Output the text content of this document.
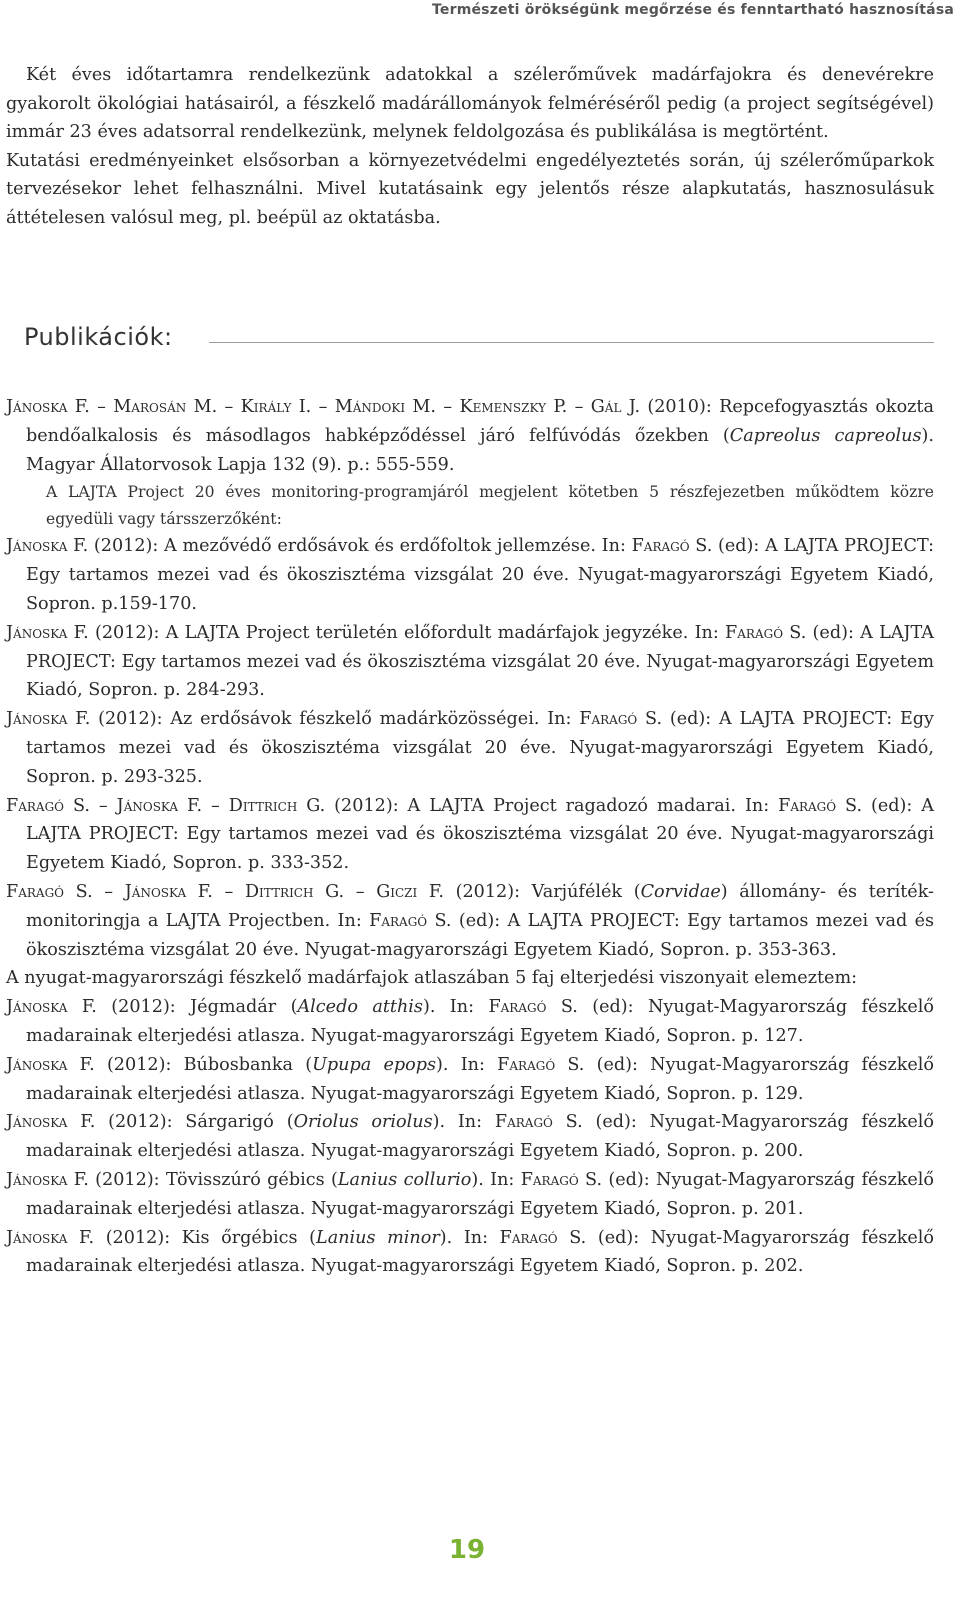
Természeti örökségünk megőrzése és fenntartható hasznosítása

Két éves időtartamra rendelkezünk adatokkal a szélerőművek madárfajokra és denevérekre gyakorolt ökológiai hatásairól, a fészkelő madárállományok felméréséről pedig (a project segítségével) immár 23 éves adatsorral rendelkezünk, melynek feldolgozása és publikálása is megtörtént.

Kutatási eredményeinket elsősorban a környezetvédelmi engedélyeztetés során, új szélerőműparkok tervezésekor lehet felhasználni. Mivel kutatásaink egy jelentős része alapkutatás, hasznosulásuk áttételesen valósul meg, pl. beépül az oktatásba.

Publikációk:

Jánoska F. – Marosán M. – Király I. – Mándoki M. – Kemenszky P. – Gál J. (2010): Repcefogyasztás okozta bendőalkalosis és másodlagos habképződéssel járó felfúvódás őzekben (Capreolus capreolus). Magyar Állatorvosok Lapja 132 (9). p.: 555-559.

A LAJTA Project 20 éves monitoring-programjáról megjelent kötetben 5 részfejezetben működtem közre egyedüli vagy társszerzőként:

Jánoska F. (2012): A mezővédő erdősávok és erdőfoltok jellemzése. In: Faragó S. (ed): A LAJTA PROJECT: Egy tartamos mezei vad és ökoszisztéma vizsgálat 20 éve. Nyugat-magyarországi Egyetem Kiadó, Sopron. p.159-170.

Jánoska F. (2012): A LAJTA Project területén előfordult madárfajok jegyzéke. In: Faragó S. (ed): A LAJTA PROJECT: Egy tartamos mezei vad és ökoszisztéma vizsgálat 20 éve. Nyugat-magyarországi Egyetem Kiadó, Sopron. p. 284-293.

Jánoska F. (2012): Az erdősávok fészkelő madárközösségei. In: Faragó S. (ed): A LAJTA PROJECT: Egy tartamos mezei vad és ökoszisztéma vizsgálat 20 éve. Nyugat-magyarországi Egyetem Kiadó, Sopron. p. 293-325.

Faragó S. – Jánoska F. – Dittrich G. (2012): A LAJTA Project ragadozó madarai. In: Faragó S. (ed): A LAJTA PROJECT: Egy tartamos mezei vad és ökoszisztéma vizsgálat 20 éve. Nyugat-magyarországi Egyetem Kiadó, Sopron. p. 333-352.

Faragó S. – Jánoska F. – Dittrich G. – Giczi F. (2012): Varjúfélék (Corvidae) állomány- és teríték-monitoringja a LAJTA Projectben. In: Faragó S. (ed): A LAJTA PROJECT: Egy tartamos mezei vad és ökoszisztéma vizsgálat 20 éve. Nyugat-magyarországi Egyetem Kiadó, Sopron. p. 353-363.

A nyugat-magyarországi fészkelő madárfajok atlaszában 5 faj elterjedési viszonyait elemeztem:

Jánoska F. (2012): Jégmadár (Alcedo atthis). In: Faragó S. (ed): Nyugat-Magyarország fészkelő madarainak elterjedési atlasza. Nyugat-magyarországi Egyetem Kiadó, Sopron. p. 127.

Jánoska F. (2012): Búbosbanka (Upupa epops). In: Faragó S. (ed): Nyugat-Magyarország fészkelő madarainak elterjedési atlasza. Nyugat-magyarországi Egyetem Kiadó, Sopron. p. 129.

Jánoska F. (2012): Sárgarigó (Oriolus oriolus). In: Faragó S. (ed): Nyugat-Magyarország fészkelő madarainak elterjedési atlasza. Nyugat-magyarországi Egyetem Kiadó, Sopron. p. 200.

Jánoska F. (2012): Tövisszúró gébics (Lanius collurio). In: Faragó S. (ed): Nyugat-Magyarország fészkelő madarainak elterjedési atlasza. Nyugat-magyarországi Egyetem Kiadó, Sopron. p. 201.

Jánoska F. (2012): Kis őrgébics (Lanius minor). In: Faragó S. (ed): Nyugat-Magyarország fészkelő madarainak elterjedési atlasza. Nyugat-magyarországi Egyetem Kiadó, Sopron. p. 202.

19
